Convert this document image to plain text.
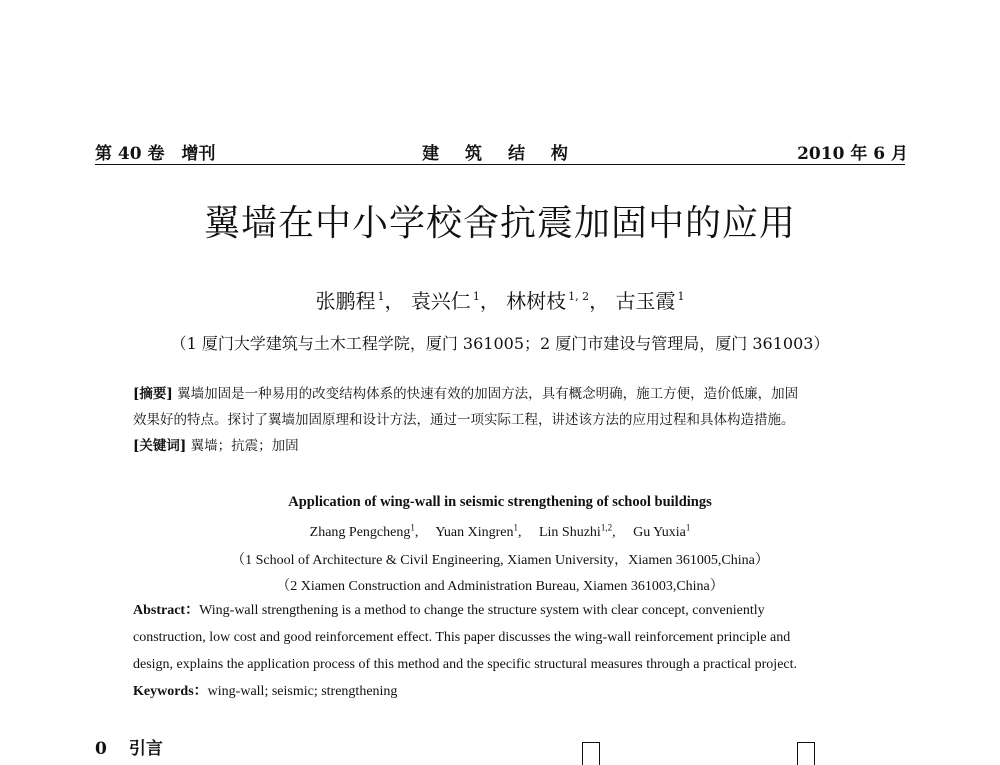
第 40 卷　增刊	建 筑 结 构	2010 年 6 月
翼墙在中小学校舍抗震加固中的应用
张鹏程 $^1$， 袁兴仁 $^1$， 林树枝 $^{1, 2}$， 古玉霞 $^1$
（1 厦门大学建筑与土木工程学院，厦门 361005；2 厦门市建设与管理局，厦门 361003）
[摘要] 翼墙加固是一种易用的改变结构体系的快速有效的加固方法，具有概念明确，施工方便，造价低廉，加固
效果好的特点。探讨了翼墙加固原理和设计方法，通过一项实际工程，讲述该方法的应用过程和具体构造措施。
[关键词] 翼墙；抗震；加固
Application of wing-wall in seismic strengthening of school buildings
Zhang Pengcheng$^1$,　 Yuan Xingren$^1$,　 Lin Shuzhi$^{1,2}$,　 Gu Yuxia$^1$
（1 School of Architecture & Civil Engineering, Xiamen University，Xiamen 361005,China）
（2 Xiamen Construction and Administration Bureau, Xiamen 361003,China）
Abstract：Wing-wall strengthening is a method to change the structure system with clear concept, conveniently
construction, low cost and good reinforcement effect. This paper discusses the wing-wall reinforcement principle and
design, explains the application process of this method and the specific structural measures through a practical project.
Keywords：wing-wall; seismic; strengthening
0 引言
